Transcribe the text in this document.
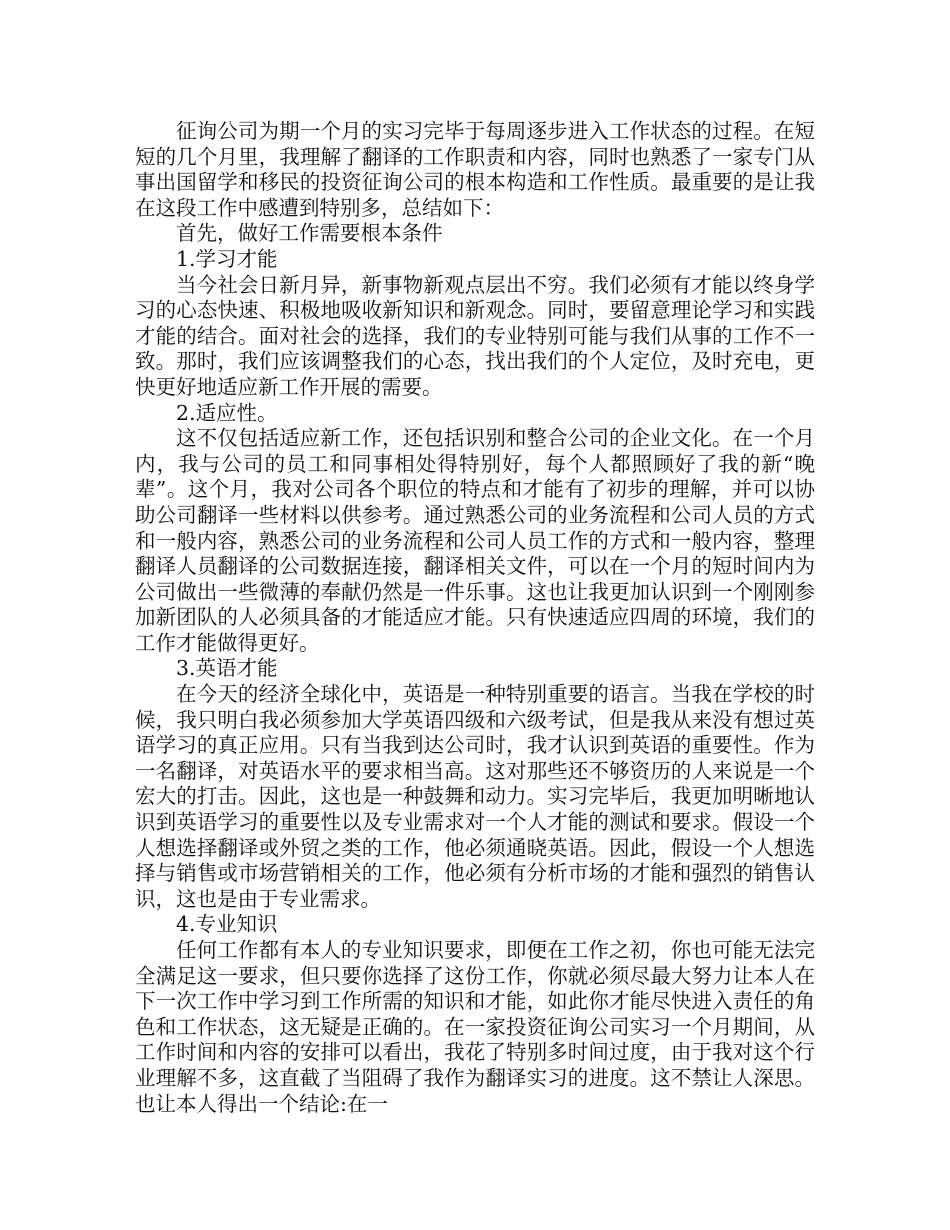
征询公司为期一个月的实习完毕于每周逐步进入工作状态的过程。在短短的几个月里，我理解了翻译的工作职责和内容，同时也熟悉了一家专门从事出国留学和移民的投资征询公司的根本构造和工作性质。最重要的是让我在这段工作中感遭到特别多，总结如下：

首先，做好工作需要根本条件

1.学习才能

当今社会日新月异，新事物新观点层出不穷。我们必须有才能以终身学习的心态快速、积极地吸收新知识和新观念。同时，要留意理论学习和实践才能的结合。面对社会的选择，我们的专业特别可能与我们从事的工作不一致。那时，我们应该调整我们的心态，找出我们的个人定位，及时充电，更快更好地适应新工作开展的需要。

2.适应性。

这不仅包括适应新工作，还包括识别和整合公司的企业文化。在一个月内，我与公司的员工和同事相处得特别好，每个人都照顾好了我的新“晚辈”。这个月，我对公司各个职位的特点和才能有了初步的理解，并可以协助公司翻译一些材料以供参考。通过熟悉公司的业务流程和公司人员的方式和一般内容，熟悉公司的业务流程和公司人员工作的方式和一般内容，整理翻译人员翻译的公司数据连接，翻译相关文件，可以在一个月的短时间内为公司做出一些微薄的奉献仍然是一件乐事。这也让我更加认识到一个刚刚参加新团队的人必须具备的才能适应才能。只有快速适应四周的环境，我们的工作才能做得更好。

3.英语才能

在今天的经济全球化中，英语是一种特别重要的语言。当我在学校的时候，我只明白我必须参加大学英语四级和六级考试，但是我从来没有想过英语学习的真正应用。只有当我到达公司时，我才认识到英语的重要性。作为一名翻译，对英语水平的要求相当高。这对那些还不够资历的人来说是一个宏大的打击。因此，这也是一种鼓舞和动力。实习完毕后，我更加明晰地认识到英语学习的重要性以及专业需求对一个人才能的测试和要求。假设一个人想选择翻译或外贸之类的工作，他必须通晓英语。因此，假设一个人想选择与销售或市场营销相关的工作，他必须有分析市场的才能和强烈的销售认识，这也是由于专业需求。

4.专业知识

任何工作都有本人的专业知识要求，即便在工作之初，你也可能无法完全满足这一要求，但只要你选择了这份工作，你就必须尽最大努力让本人在下一次工作中学习到工作所需的知识和才能，如此你才能尽快进入责任的角色和工作状态，这无疑是正确的。在一家投资征询公司实习一个月期间，从工作时间和内容的安排可以看出，我花了特别多时间过度，由于我对这个行业理解不多，这直截了当阻碍了我作为翻译实习的进度。这不禁让人深思。也让本人得出一个结论:在一
